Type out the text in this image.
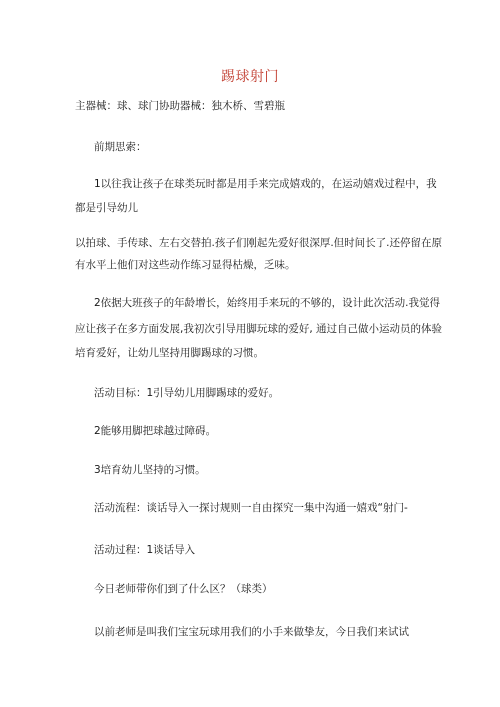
踢球射门
主器械：球、球门协助器械：独木桥、雪碧瓶
前期思索：
1以往我让孩子在球类玩时都是用手来完成嬉戏的，在运动嬉戏过程中，我
都是引导幼儿
以拍球、手传球、左右交替拍.孩子们刚起先爱好很深厚.但时间长了.还停留在原
有水平上他们对这些动作练习显得枯燥，乏味。
2依据大班孩子的年龄增长，始终用手来玩的不够的，设计此次活动.我觉得
应让孩子在多方面发展,我初次引导用脚玩球的爱好, 通过自己做小运动员的体验
培育爱好，让幼儿坚持用脚踢球的习惯。
活动目标：1引导幼儿用脚踢球的爱好。
2能够用脚把球越过障碍。
3培育幼儿坚持的习惯。
活动流程：谈话导入一探讨规则一自由探究一集中沟通一嬉戏“射门-
活动过程：1谈话导入
今日老师带你们到了什么区？（球类）
以前老师是叫我们宝宝玩球用我们的小手来做挚友，今日我们来试试
